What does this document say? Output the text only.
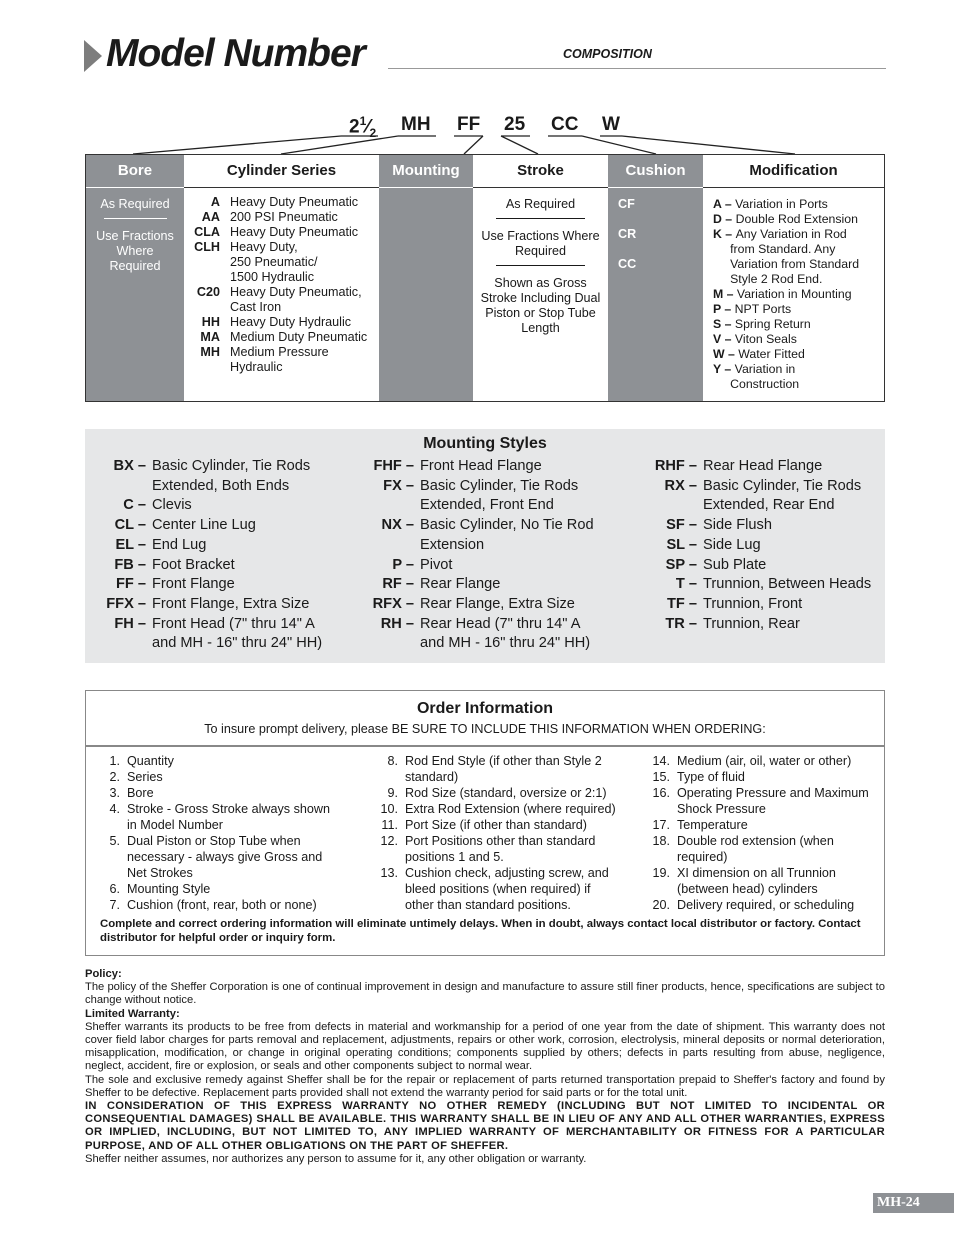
Model Number	COMPOSITION
$2^1⁄_2$ MH FF 25 CC W
Bore
As Required
Use Fractions Where Required
Cylinder Series
A Heavy Duty Pneumatic
AA 200 PSI Pneumatic
CLA Heavy Duty Pneumatic
CLH Heavy Duty,
250 Pneumatic/
1500 Hydraulic
C20 Heavy Duty Pneumatic,
Cast Iron
HH Heavy Duty Hydraulic
MA Medium Duty Pneumatic
MH Medium Pressure
Hydraulic
Mounting	Stroke
As Required
Use Fractions Where Required
Shown as Gross Stroke Including Dual Piston or Stop Tube Length
Cushion
CF
CR
CC
Modification
A – Variation in Ports
D – Double Rod Extension
K – Any Variation in Rod

from Standard. Any

Variation from Standard

Style 2 Rod End.
M – Variation in Mounting
P – NPT Ports
S – Spring Return
V – Viton Seals
W – Water Fitted
Y – Variation in

Construction
Mounting Styles
BX – Basic Cylinder, Tie Rods
Extended, Both Ends
C – Clevis
CL – Center Line Lug
EL – End Lug
FB – Foot Bracket
FF – Front Flange
FFX – Front Flange, Extra Size
FH – Front Head (7" thru 14" A
and MH - 16" thru 24" HH)
FHF – Front Head Flange
FX – Basic Cylinder, Tie Rods
Extended, Front End
NX – Basic Cylinder, No Tie Rod
Extension
P – Pivot
RF – Rear Flange
RFX – Rear Flange, Extra Size
RH – Rear Head (7" thru 14" A
and MH - 16" thru 24" HH)
RHF – Rear Head Flange
RX – Basic Cylinder, Tie Rods
Extended, Rear End
SF – Side Flush
SL – Side Lug
SP – Sub Plate
T – Trunnion, Between Heads
TF – Trunnion, Front
TR – Trunnion, Rear
Order Information
To insure prompt delivery, please BE SURE TO INCLUDE THIS INFORMATION WHEN ORDERING:
1. Quantity
2. Series
3. Bore
4. Stroke - Gross Stroke always shown
in Model Number
5. Dual Piston or Stop Tube when
necessary - always give Gross and
Net Strokes
6. Mounting Style
7. Cushion (front, rear, both or none)
8. Rod End Style (if other than Style 2
standard)
9. Rod Size (standard, oversize or 2:1)
10. Extra Rod Extension (where required)
11. Port Size (if other than standard)
12. Port Positions other than standard
positions 1 and 5.
13. Cushion check, adjusting screw, and
bleed positions (when required) if
other than standard positions.
14. Medium (air, oil, water or other)
15. Type of fluid
16. Operating Pressure and Maximum
Shock Pressure
17. Temperature
18. Double rod extension (when
required)
19. XI dimension on all Trunnion
(between head) cylinders
20. Delivery required, or scheduling
Complete and correct ordering information will eliminate untimely delays. When in doubt, always contact local distributor or factory. Contact distributor for helpful order or inquiry form.
Policy:
The policy of the Sheffer Corporation is one of continual improvement in design and manufacture to assure still finer products, hence, specifications are subject to change without notice.
Limited Warranty:
Sheffer warrants its products to be free from defects in material and workmanship for a period of one year from the date of shipment. This warranty does not cover field labor charges for parts removal and replacement, adjustments, repairs or other work, corrosion, electrolysis, mineral deposits or normal deterioration, misapplication, modification, or change in original operating conditions; components supplied by others; defects in parts resulting from abuse, negligence, neglect, accident, fire or explosion, or seals and other components subject to normal wear.
The sole and exclusive remedy against Sheffer shall be for the repair or replacement of parts returned transportation prepaid to Sheffer's factory and found by Sheffer to be defective. Replacement parts provided shall not extend the warranty period for said parts or for the total unit.
IN CONSIDERATION OF THIS EXPRESS WARRANTY NO OTHER REMEDY (INCLUDING BUT NOT LIMITED TO INCIDENTAL OR CONSEQUENTIAL DAMAGES) SHALL BE AVAILABLE. THIS WARRANTY SHALL BE IN LIEU OF ANY AND ALL OTHER WARRANTIES, EXPRESS OR IMPLIED, INCLUDING, BUT NOT LIMITED TO, ANY IMPLIED WARRANTY OF MERCHANTABILITY OR FITNESS FOR A PARTICULAR PURPOSE, AND OF ALL OTHER OBLIGATIONS ON THE PART OF SHEFFER.
Sheffer neither assumes, nor authorizes any person to assume for it, any other obligation or warranty.
MH-24
